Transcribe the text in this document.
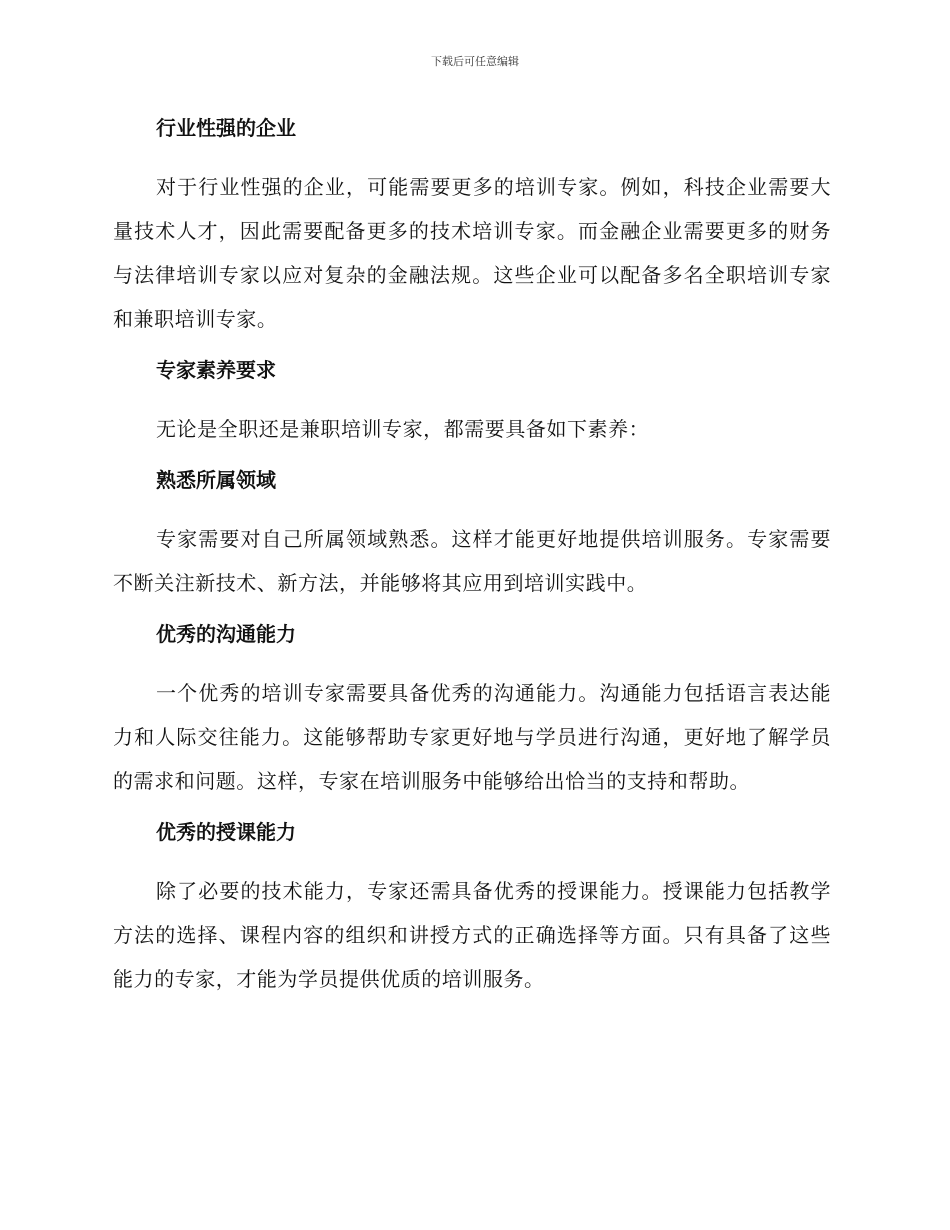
下载后可任意编辑
行业性强的企业
对于行业性强的企业，可能需要更多的培训专家。例如，科技企业需要大量技术人才，因此需要配备更多的技术培训专家。而金融企业需要更多的财务与法律培训专家以应对复杂的金融法规。这些企业可以配备多名全职培训专家和兼职培训专家。
专家素养要求
无论是全职还是兼职培训专家，都需要具备如下素养：
熟悉所属领域
专家需要对自己所属领域熟悉。这样才能更好地提供培训服务。专家需要不断关注新技术、新方法，并能够将其应用到培训实践中。
优秀的沟通能力
一个优秀的培训专家需要具备优秀的沟通能力。沟通能力包括语言表达能力和人际交往能力。这能够帮助专家更好地与学员进行沟通，更好地了解学员的需求和问题。这样，专家在培训服务中能够给出恰当的支持和帮助。
优秀的授课能力
除了必要的技术能力，专家还需具备优秀的授课能力。授课能力包括教学方法的选择、课程内容的组织和讲授方式的正确选择等方面。只有具备了这些能力的专家，才能为学员提供优质的培训服务。
